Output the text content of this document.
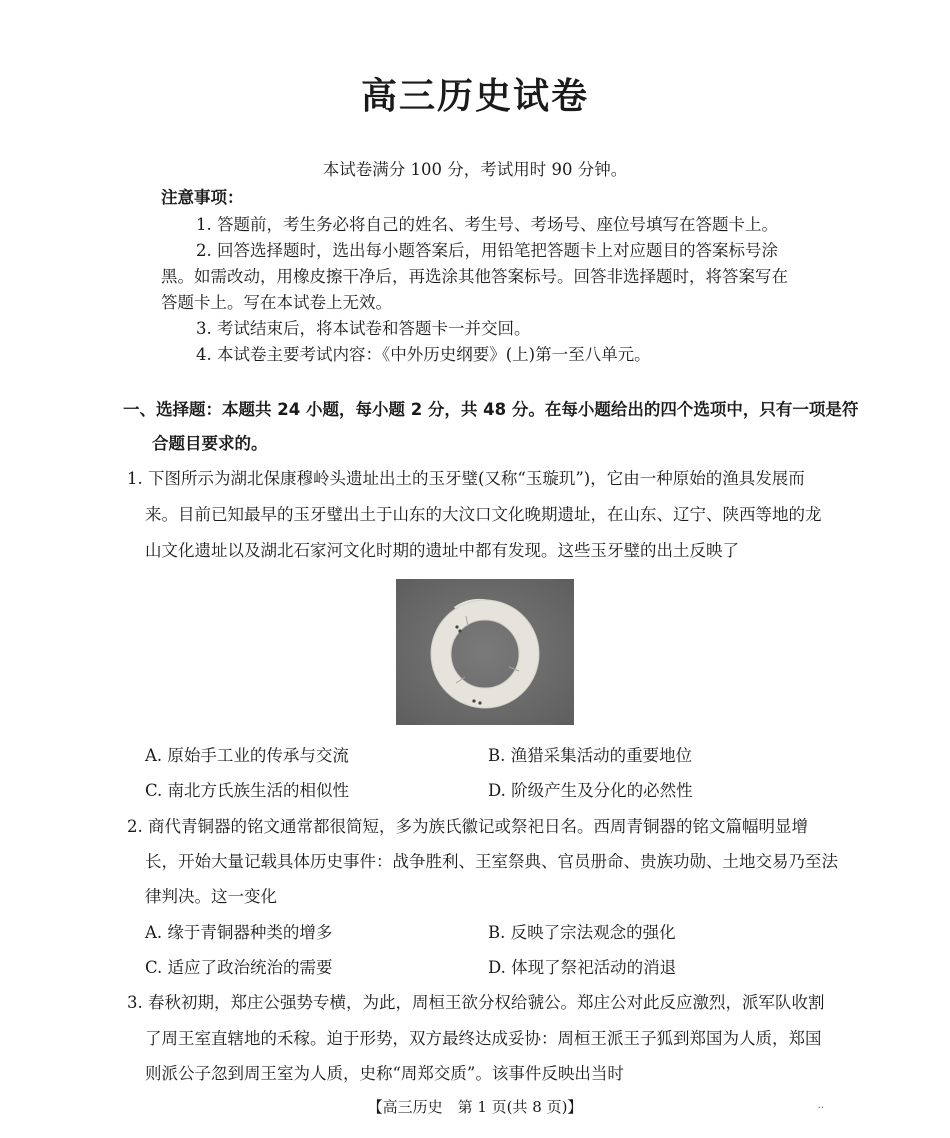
高三历史试卷
本试卷满分 100 分，考试用时 90 分钟。
注意事项：
1. 答题前，考生务必将自己的姓名、考生号、考场号、座位号填写在答题卡上。
2. 回答选择题时，选出每小题答案后，用铅笔把答题卡上对应题目的答案标号涂
黑。如需改动，用橡皮擦干净后，再选涂其他答案标号。回答非选择题时，将答案写在
答题卡上。写在本试卷上无效。
3. 考试结束后，将本试卷和答题卡一并交回。
4. 本试卷主要考试内容：《中外历史纲要》(上)第一至八单元。
一、选择题：本题共 24 小题，每小题 2 分，共 48 分。在每小题给出的四个选项中，只有一项是符
合题目要求的。
1. 下图所示为湖北保康穆岭头遗址出土的玉牙璧(又称“玉璇玑”)，它由一种原始的渔具发展而
来。目前已知最早的玉牙璧出土于山东的大汶口文化晚期遗址，在山东、辽宁、陕西等地的龙
山文化遗址以及湖北石家河文化时期的遗址中都有发现。这些玉牙璧的出土反映了
A. 原始手工业的传承与交流	B. 渔猎采集活动的重要地位
C. 南北方氏族生活的相似性	D. 阶级产生及分化的必然性
2. 商代青铜器的铭文通常都很简短，多为族氏徽记或祭祀日名。西周青铜器的铭文篇幅明显增
长，开始大量记载具体历史事件：战争胜利、王室祭典、官员册命、贵族功勋、土地交易乃至法
律判决。这一变化
A. 缘于青铜器种类的增多	B. 反映了宗法观念的强化
C. 适应了政治统治的需要	D. 体现了祭祀活动的消退
3. 春秋初期，郑庄公强势专横，为此，周桓王欲分权给虢公。郑庄公对此反应激烈，派军队收割
了周王室直辖地的禾稼。迫于形势，双方最终达成妥协：周桓王派王子狐到郑国为人质，郑国
则派公子忽到周王室为人质，史称“周郑交质”。该事件反映出当时
【高三历史　第 1 页(共 8 页)】	..
